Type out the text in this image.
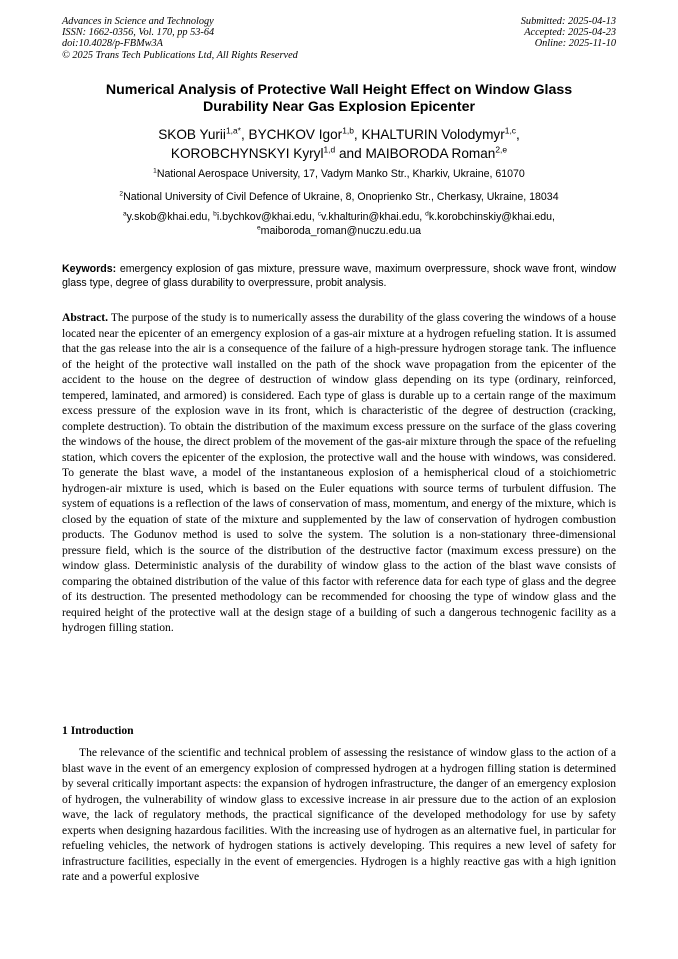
Advances in Science and Technology
ISSN: 1662-0356, Vol. 170, pp 53-64
doi:10.4028/p-FBMw3A
© 2025 Trans Tech Publications Ltd, All Rights Reserved
Submitted: 2025-04-13
Accepted: 2025-04-23
Online: 2025-11-10
Numerical Analysis of Protective Wall Height Effect on Window Glass
Durability Near Gas Explosion Epicenter
SKOB Yurii$^{1,a*}$, BYCHKOV Igor$^{1,b}$, KHALTURIN Volodymyr$^{1,c}$,
KOROBCHYNSKYI Kyryl$^{1,d}$ and MAIBORODA Roman$^{2,e}$
$^1$National Aerospace University, 17, Vadym Manko Str., Kharkiv, Ukraine, 61070
$^2$National University of Civil Defence of Ukraine, 8, Onoprienko Str., Cherkasy, Ukraine, 18034
$^a$y.skob@khai.edu, $^b$i.bychkov@khai.edu, $^c$v.khalturin@khai.edu, $^d$k.korobchinskiy@khai.edu,
$^e$maiboroda_roman@nuczu.edu.ua
Keywords: emergency explosion of gas mixture, pressure wave, maximum overpressure, shock wave front, window glass type, degree of glass durability to overpressure, probit analysis.
Abstract. The purpose of the study is to numerically assess the durability of the glass covering the windows of a house located near the epicenter of an emergency explosion of a gas-air mixture at a hydrogen refueling station. It is assumed that the gas release into the air is a consequence of the failure of a high-pressure hydrogen storage tank. The influence of the height of the protective wall installed on the path of the shock wave propagation from the epicenter of the accident to the house on the degree of destruction of window glass depending on its type (ordinary, reinforced, tempered, laminated, and armored) is considered. Each type of glass is durable up to a certain range of the maximum excess pressure of the explosion wave in its front, which is characteristic of the degree of destruction (cracking, complete destruction). To obtain the distribution of the maximum excess pressure on the surface of the glass covering the windows of the house, the direct problem of the movement of the gas-air mixture through the space of the refueling station, which covers the epicenter of the explosion, the protective wall and the house with windows, was considered. To generate the blast wave, a model of the instantaneous explosion of a hemispherical cloud of a stoichiometric hydrogen-air mixture is used, which is based on the Euler equations with source terms of turbulent diffusion. The system of equations is a reflection of the laws of conservation of mass, momentum, and energy of the mixture, which is closed by the equation of state of the mixture and supplemented by the law of conservation of hydrogen combustion products. The Godunov method is used to solve the system. The solution is a non-stationary three-dimensional pressure field, which is the source of the distribution of the destructive factor (maximum excess pressure) on the window glass. Deterministic analysis of the durability of window glass to the action of the blast wave consists of comparing the obtained distribution of the value of this factor with reference data for each type of glass and the degree of its destruction. The presented methodology can be recommended for choosing the type of window glass and the required height of the protective wall at the design stage of a building of such a dangerous technogenic facility as a hydrogen filling station.
1 Introduction
The relevance of the scientific and technical problem of assessing the resistance of window glass to the action of a blast wave in the event of an emergency explosion of compressed hydrogen at a hydrogen filling station is determined by several critically important aspects: the expansion of hydrogen infrastructure, the danger of an emergency explosion of hydrogen, the vulnerability of window glass to excessive increase in air pressure due to the action of an explosion wave, the lack of regulatory methods, the practical significance of the developed methodology for use by safety experts when designing hazardous facilities. With the increasing use of hydrogen as an alternative fuel, in particular for refueling vehicles, the network of hydrogen stations is actively developing. This requires a new level of safety for infrastructure facilities, especially in the event of emergencies. Hydrogen is a highly reactive gas with a high ignition rate and a powerful explosive
